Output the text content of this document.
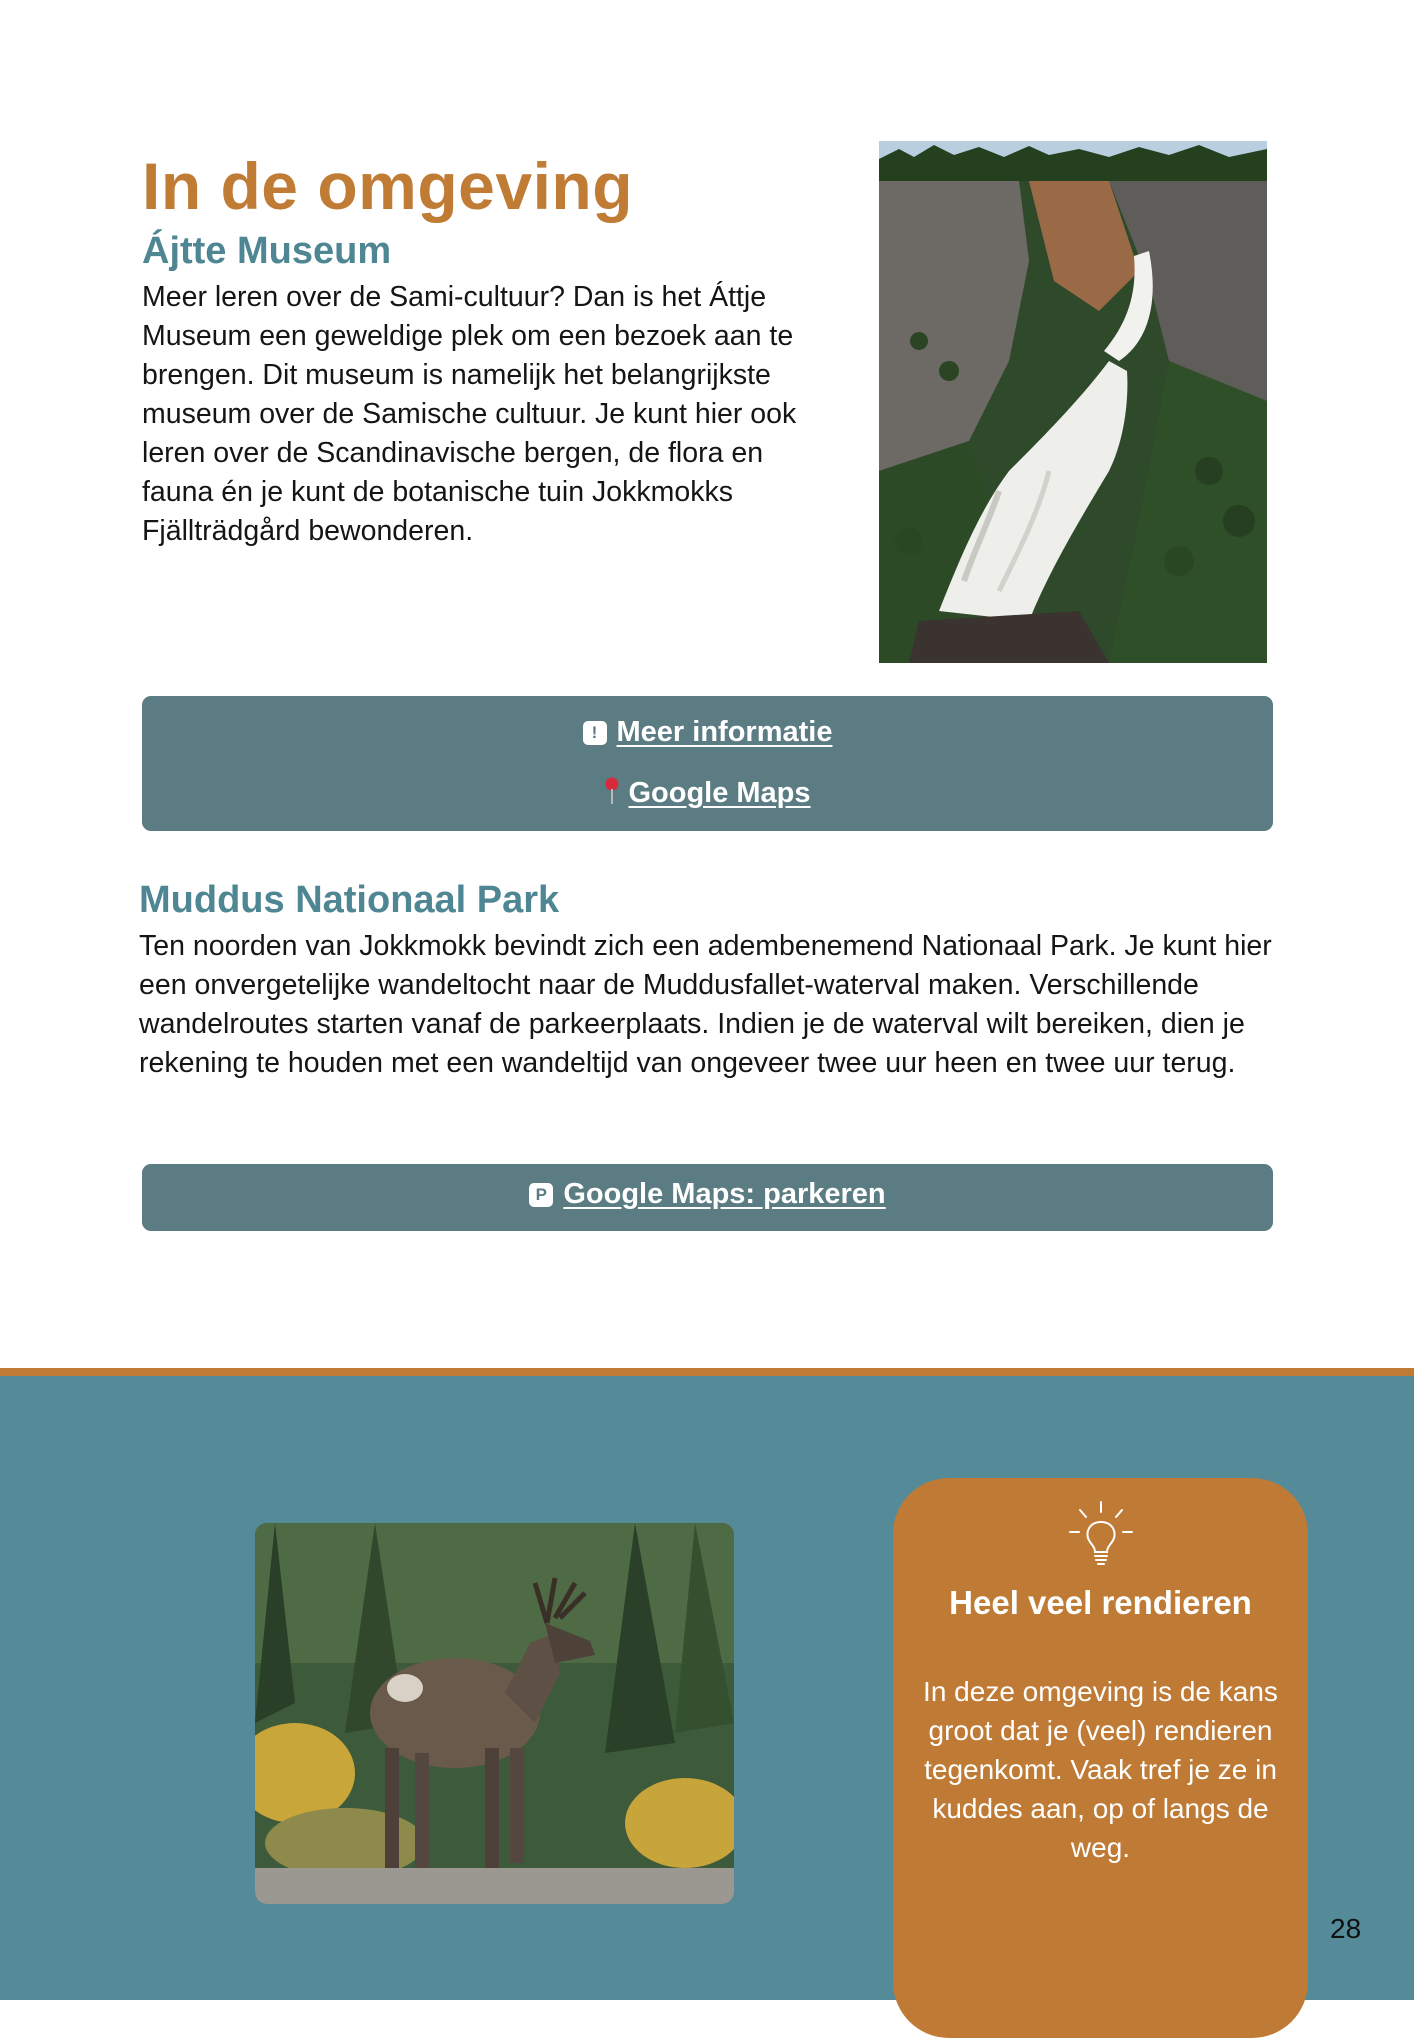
In de omgeving
Ájtte Museum

Meer leren over de Sami-cultuur? Dan is het Áttje Museum een geweldige plek om een bezoek aan te brengen. Dit museum is namelijk het belangrijkste museum over de Samische cultuur. Je kunt hier ook leren over de Scandinavische bergen, de flora en fauna én je kunt de botanische tuin Jokkmokks Fjällträdgård bewonderen.

! Meer informatie
Google Maps
Muddus Nationaal Park

Ten noorden van Jokkmokk bevindt zich een adembenemend Nationaal Park. Je kunt hier een onvergetelijke wandeltocht naar de Muddusfallet-waterval maken. Verschillende wandelroutes starten vanaf de parkeerplaats. Indien je de waterval wilt bereiken, dien je rekening te houden met een wandeltijd van ongeveer twee uur heen en twee uur terug.

P Google Maps: parkeren
Heel veel rendieren

In deze omgeving is de kans groot dat je (veel) rendieren tegenkomt. Vaak tref je ze in kuddes aan, op of langs de weg.

28
